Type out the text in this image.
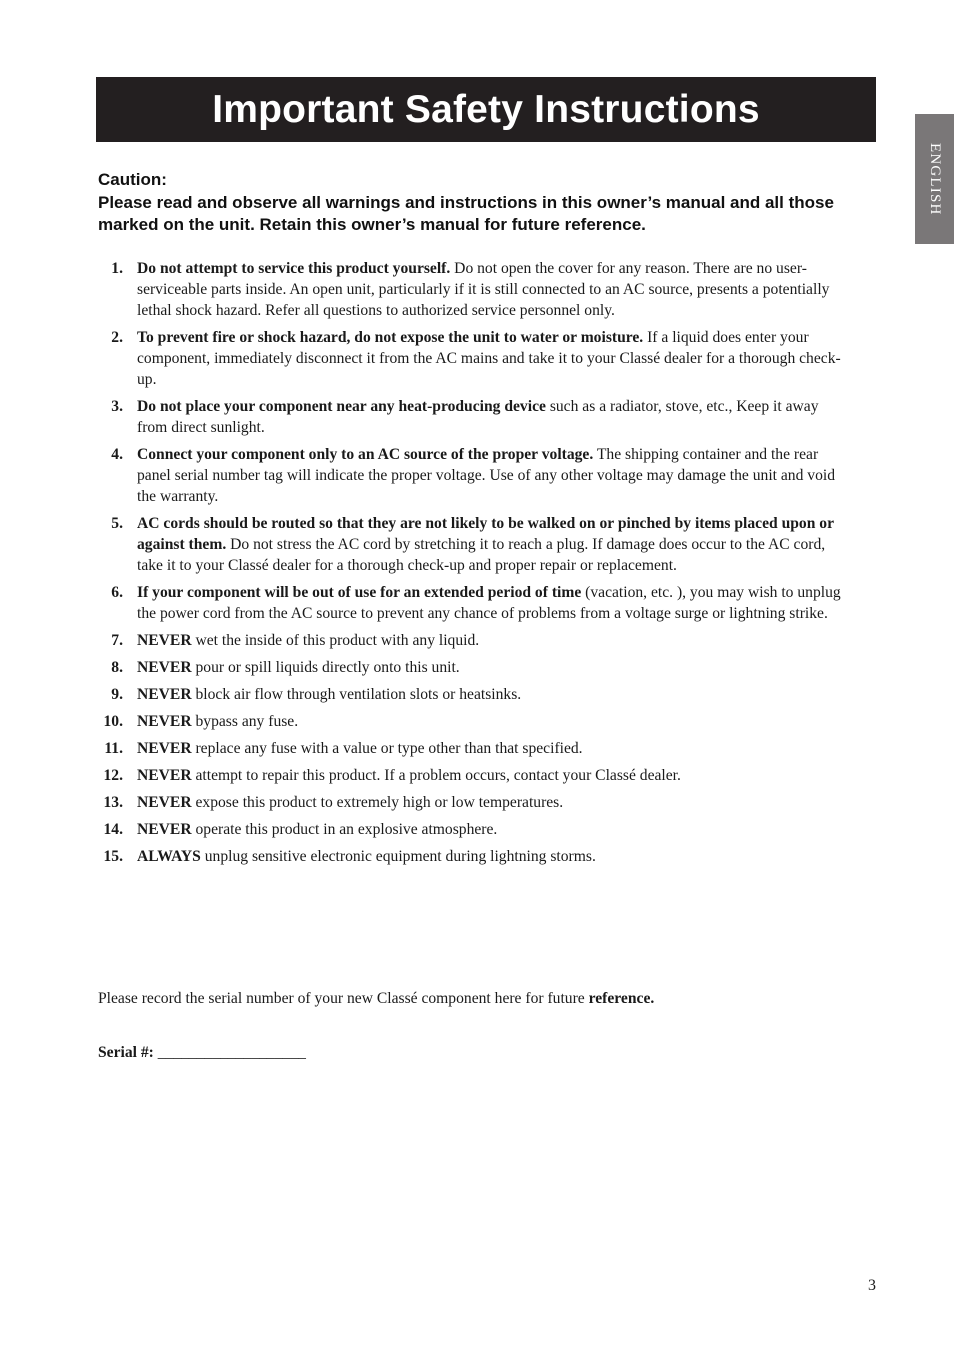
Important Safety Instructions
ENGLISH
Caution:
Please read and observe all warnings and instructions in this owner’s manual and all those marked on the unit. Retain this owner’s manual for future reference.
1. Do not attempt to service this product yourself. Do not open the cover for any reason. There are no user-serviceable parts inside. An open unit, particularly if it is still connected to an AC source, presents a potentially lethal shock hazard. Refer all questions to authorized service personnel only.
2. To prevent fire or shock hazard, do not expose the unit to water or moisture. If a liquid does enter your component, immediately disconnect it from the AC mains and take it to your Classé dealer for a thorough check-up.
3. Do not place your component near any heat-producing device such as a radiator, stove, etc., Keep it away from direct sunlight.
4. Connect your component only to an AC source of the proper voltage. The shipping container and the rear panel serial number tag will indicate the proper voltage. Use of any other voltage may damage the unit and void the warranty.
5. AC cords should be routed so that they are not likely to be walked on or pinched by items placed upon or against them. Do not stress the AC cord by stretching it to reach a plug. If damage does occur to the AC cord, take it to your Classé dealer for a thorough check-up and proper repair or replacement.
6. If your component will be out of use for an extended period of time (vacation, etc. ), you may wish to unplug the power cord from the AC source to prevent any chance of problems from a voltage surge or lightning strike.
7. NEVER wet the inside of this product with any liquid.
8. NEVER pour or spill liquids directly onto this unit.
9. NEVER block air flow through ventilation slots or heatsinks.
10. NEVER bypass any fuse.
11. NEVER replace any fuse with a value or type other than that specified.
12. NEVER attempt to repair this product. If a problem occurs, contact your Classé dealer.
13. NEVER expose this product to extremely high or low temperatures.
14. NEVER operate this product in an explosive atmosphere.
15. ALWAYS unplug sensitive electronic equipment during lightning storms.

Please record the serial number of your new Classé component here for future reference.

Serial #: ___________________

3
